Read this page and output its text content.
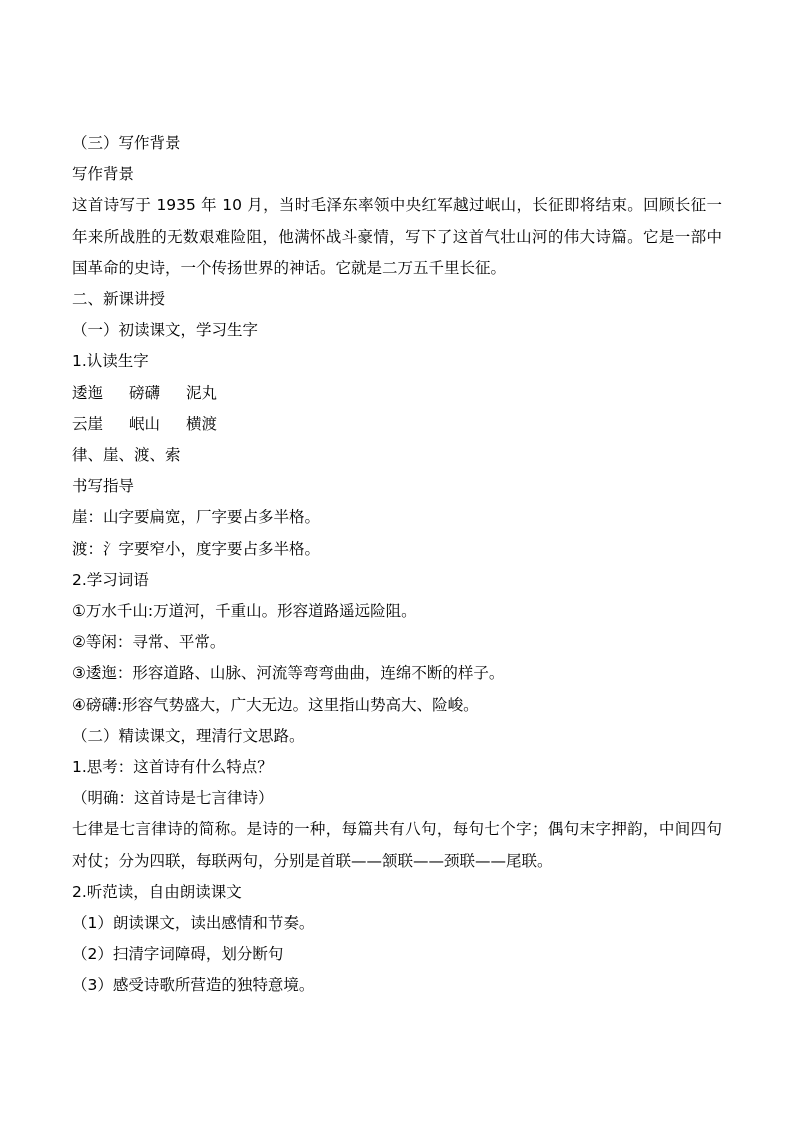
（三）写作背景

写作背景

这首诗写于 1935 年 10 月，当时毛泽东率领中央红军越过岷山，长征即将结束。回顾长征一年来所战胜的无数艰难险阻，他满怀战斗豪情，写下了这首气壮山河的伟大诗篇。它是一部中国革命的史诗，一个传扬世界的神话。它就是二万五千里长征。

二、新课讲授

（一）初读课文，学习生字

1.认读生字

逶迤 磅礴 泥丸

云崖 岷山 横渡

律、崖、渡、索

书写指导

崖：山字要扁宽，厂字要占多半格。

渡：氵字要窄小，度字要占多半格。

2.学习词语

①万水千山:万道河，千重山。形容道路遥远险阻。

②等闲：寻常、平常。

③逶迤：形容道路、山脉、河流等弯弯曲曲，连绵不断的样子。

④磅礴:形容气势盛大，广大无边。这里指山势高大、险峻。

（二）精读课文，理清行文思路。

1.思考：这首诗有什么特点？

（明确：这首诗是七言律诗）

七律是七言律诗的简称。是诗的一种，每篇共有八句，每句七个字；偶句末字押韵，中间四句对仗；分为四联，每联两句，分别是首联——颔联——颈联——尾联。

2.听范读，自由朗读课文

（1）朗读课文，读出感情和节奏。

（2）扫清字词障碍，划分断句

（3）感受诗歌所营造的独特意境。
